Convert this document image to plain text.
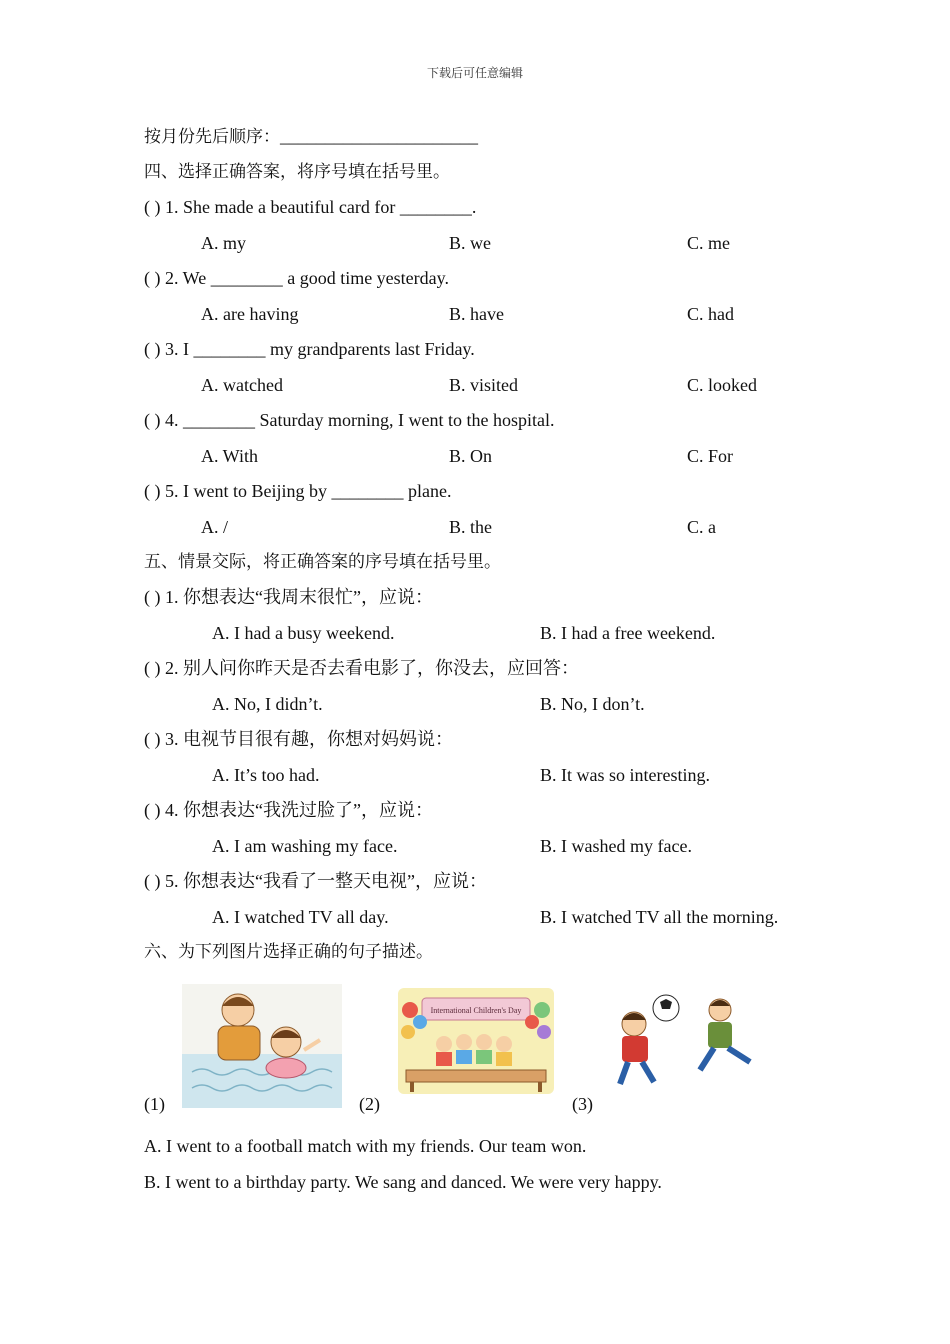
下载后可任意编辑
按月份先后顺序：______________________
四、选择正确答案，将序号填在括号里。
( ) 1. She made a beautiful card for ________.
A. my	B. we	C. me
( ) 2. We ________ a good time yesterday.
A. are having	B. have	C. had
( ) 3. I ________ my grandparents last Friday.
A. watched	B. visited	C. looked
( ) 4. ________ Saturday morning, I went to the hospital.
A. With	B. On	C. For
( ) 5. I went to Beijing by ________ plane.
A. /	B. the	C. a
五、情景交际，将正确答案的序号填在括号里。
( ) 1. 你想表达“我周末很忙”，应说：
A. I had a busy weekend.	B. I had a free weekend.
( ) 2. 别人问你昨天是否去看电影了，你没去，应回答：
A. No, I didn’t.	B. No, I don’t.
( ) 3. 电视节目很有趣，你想对妈妈说：
A. It’s too had.	B. It was so interesting.
( ) 4. 你想表达“我洗过脸了”，应说：
A. I am washing my face.	B. I washed my face.
( ) 5. 你想表达“我看了一整天电视”，应说：
A. I watched TV all day.	B. I watched TV all the morning.
六、为下列图片选择正确的句子描述。
(1)
International Children's Day
(2)	(3)
A. I went to a football match with my friends. Our team won.
B. I went to a birthday party. We sang and danced. We were very happy.
